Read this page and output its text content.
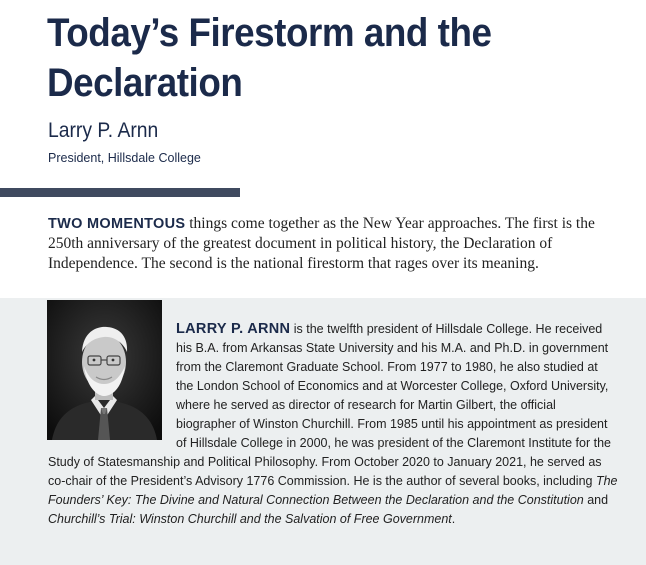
Today’s Firestorm and the Declaration
Larry P. Arnn
President, Hillsdale College

TWO MOMENTOUS things come together as the New Year approaches. The first is the 250th anniversary of the greatest document in political history, the Declaration of Independence. The second is the national firestorm that rages over its meaning.

LARRY P. ARNN is the twelfth president of Hillsdale College. He received his B.A. from Arkansas State University and his M.A. and Ph.D. in government from the Claremont Graduate School. From 1977 to 1980, he also studied at the London School of Economics and at Worcester College, Oxford University, where he served as director of research for Martin Gilbert, the official biographer of Winston Churchill. From 1985 until his appointment as president of Hillsdale College in 2000, he was president of the Claremont Institute for the Study of Statesmanship and Political Philosophy. From October 2020 to January 2021, he served as co-chair of the President’s Advisory 1776 Commission. He is the author of several books, including The Founders’ Key: The Divine and Natural Connection Between the Declaration and the Constitution and Churchill’s Trial: Winston Churchill and the Salvation of Free Government.
